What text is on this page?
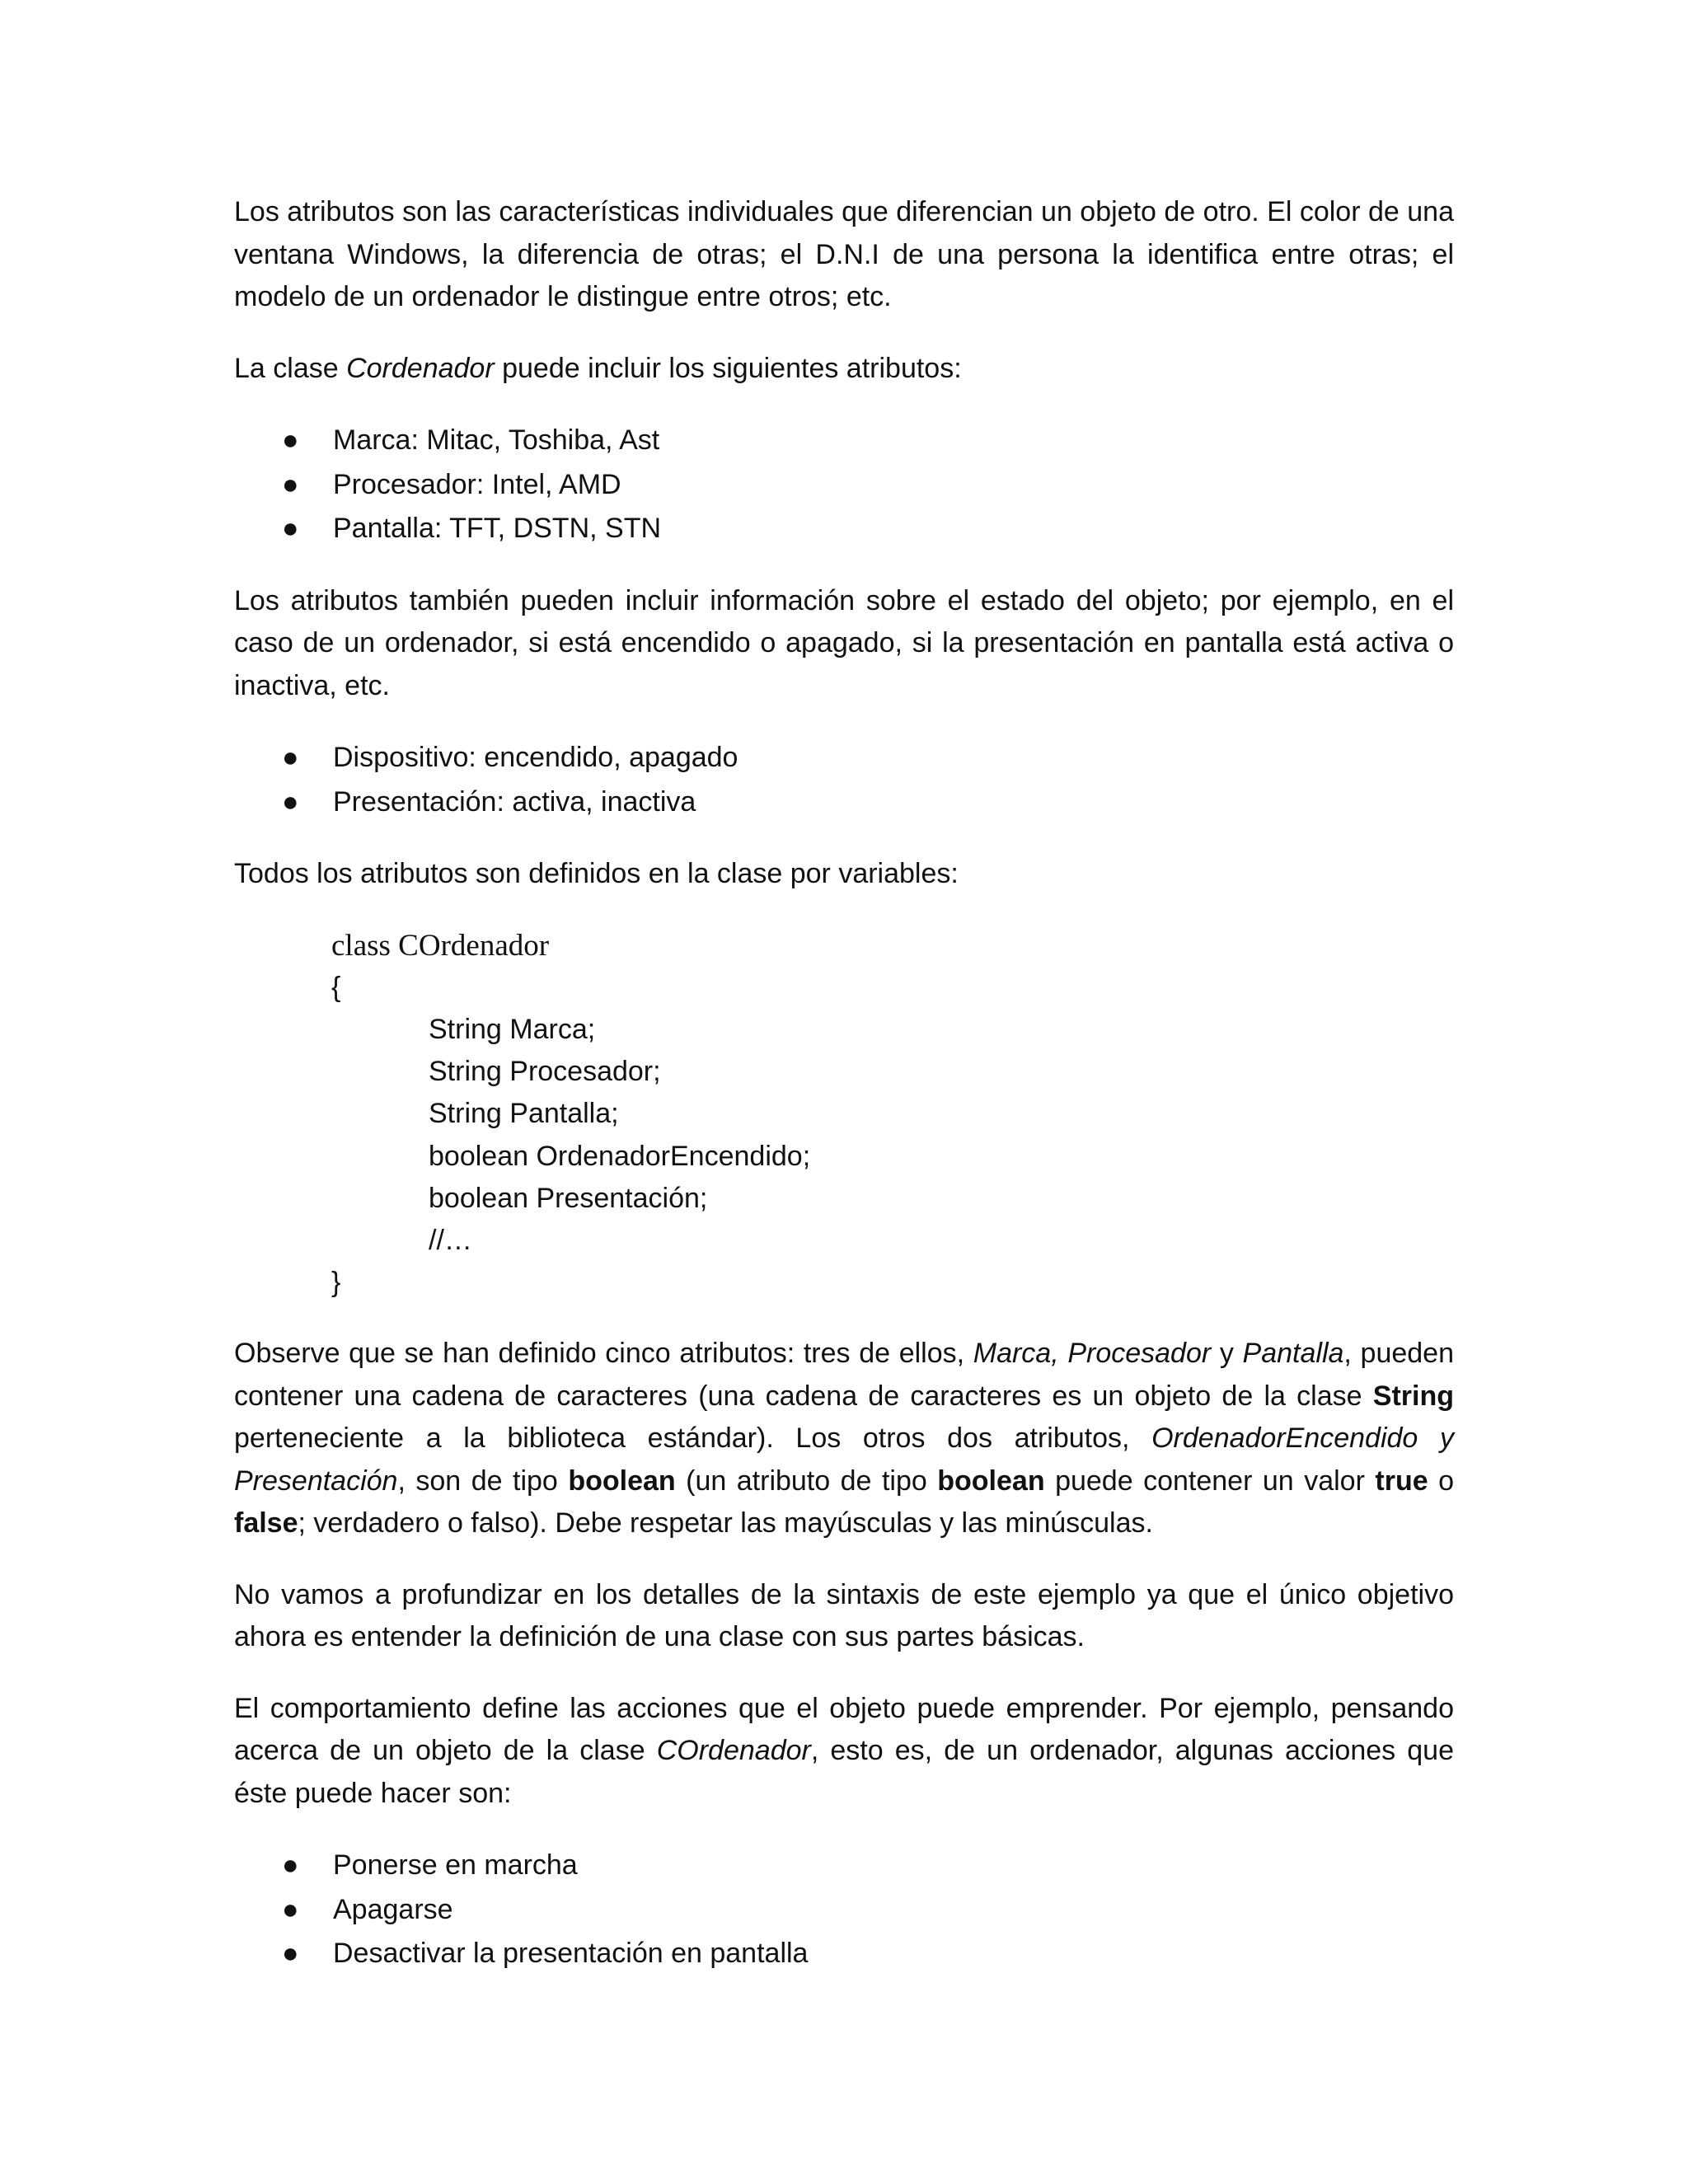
Los atributos son las características individuales que diferencian un objeto de otro. El color de una ventana Windows, la diferencia de otras; el D.N.I de una persona la identifica entre otras; el modelo de un ordenador le distingue entre otros; etc.

La clase Cordenador puede incluir los siguientes atributos:

● Marca: Mitac, Toshiba, Ast
● Procesador: Intel, AMD
● Pantalla: TFT, DSTN, STN

Los atributos también pueden incluir información sobre el estado del objeto; por ejemplo, en el caso de un ordenador, si está encendido o apagado, si la presentación en pantalla está activa o inactiva, etc.

● Dispositivo: encendido, apagado
● Presentación: activa, inactiva

Todos los atributos son definidos en la clase por variables:

class COrdenador
{
String Marca;
String Procesador;
String Pantalla;
boolean OrdenadorEncendido;
boolean Presentación;
//…
}

Observe que se han definido cinco atributos: tres de ellos, Marca, Procesador y Pantalla, pueden contener una cadena de caracteres (una cadena de caracteres es un objeto de la clase String perteneciente a la biblioteca estándar). Los otros dos atributos, OrdenadorEncendido y Presentación, son de tipo boolean (un atributo de tipo boolean puede contener un valor true o false; verdadero o falso). Debe respetar las mayúsculas y las minúsculas.

No vamos a profundizar en los detalles de la sintaxis de este ejemplo ya que el único objetivo ahora es entender la definición de una clase con sus partes básicas.

El comportamiento define las acciones que el objeto puede emprender. Por ejemplo, pensando acerca de un objeto de la clase COrdenador, esto es, de un ordenador, algunas acciones que éste puede hacer son:

● Ponerse en marcha
● Apagarse
● Desactivar la presentación en pantalla
